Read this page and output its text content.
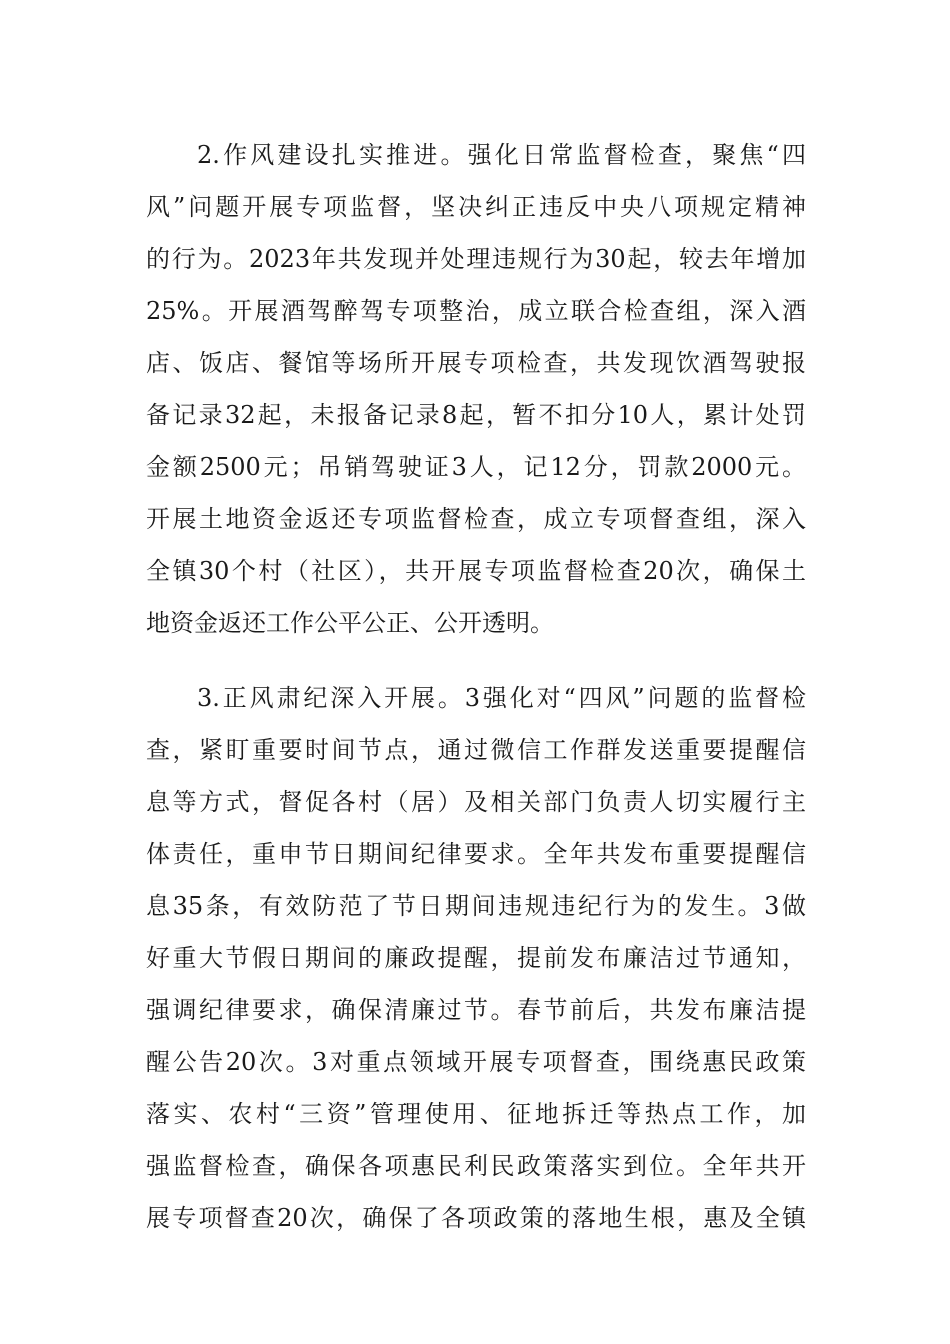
2.作风建设扎实推进。强化日常监督检查，聚焦“四
风”问题开展专项监督，坚决纠正违反中央八项规定精神
的行为。2023年共发现并处理违规行为30起，较去年增加
25%。开展酒驾醉驾专项整治，成立联合检查组，深入酒
店、饭店、餐馆等场所开展专项检查，共发现饮酒驾驶报
备记录32起，未报备记录8起，暂不扣分10人，累计处罚
金额2500元；吊销驾驶证3人，记12分，罚款2000元。
开展土地资金返还专项监督检查，成立专项督查组，深入
全镇30个村（社区），共开展专项监督检查20次，确保土
地资金返还工作公平公正、公开透明。
3.正风肃纪深入开展。3强化对“四风”问题的监督检
查，紧盯重要时间节点，通过微信工作群发送重要提醒信
息等方式，督促各村（居）及相关部门负责人切实履行主
体责任，重申节日期间纪律要求。全年共发布重要提醒信
息35条，有效防范了节日期间违规违纪行为的发生。3做
好重大节假日期间的廉政提醒，提前发布廉洁过节通知，
强调纪律要求，确保清廉过节。春节前后，共发布廉洁提
醒公告20次。3对重点领域开展专项督查，围绕惠民政策
落实、农村“三资”管理使用、征地拆迁等热点工作，加
强监督检查，确保各项惠民利民政策落实到位。全年共开
展专项督查20次，确保了各项政策的落地生根，惠及全镇
